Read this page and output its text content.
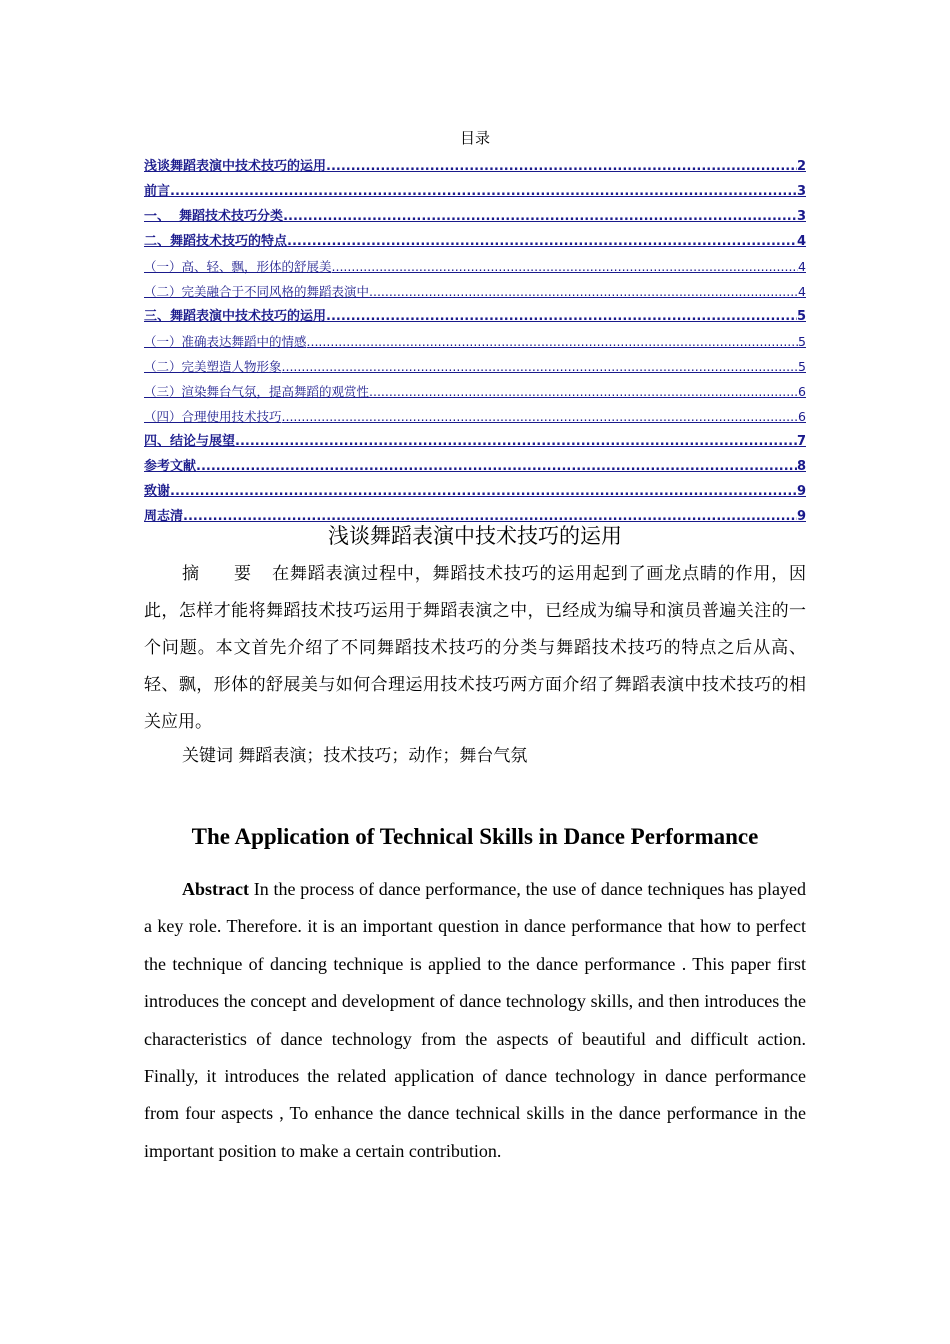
目录
浅谈舞蹈表演中技术技巧的运用 .....	2
前言 .....	3
一、  舞蹈技术技巧分类 .....	3
二、舞蹈技术技巧的特点 .....	4
（一）高、轻、飘，形体的舒展美 .....	4
（二）完美融合于不同风格的舞蹈表演中 .....	4
三、舞蹈表演中技术技巧的运用 .....	5
（一）准确表达舞蹈中的情感 .....	5
（二）完美塑造人物形象 .....	5
（三）渲染舞台气氛，提高舞蹈的观赏性 .....	6
（四）合理使用技术技巧 .....	6
四、结论与展望 .....	7
参考文献 .....	8
致谢 .....	9
周志清 .....	9
浅谈舞蹈表演中技术技巧的运用
摘 要 在舞蹈表演过程中，舞蹈技术技巧的运用起到了画龙点睛的作用，因此，怎样才能将舞蹈技术技巧运用于舞蹈表演之中，已经成为编导和演员普遍关注的一个问题。本文首先介绍了不同舞蹈技术技巧的分类与舞蹈技术技巧的特点之后从高、轻、飘，形体的舒展美与如何合理运用技术技巧两方面介绍了舞蹈表演中技术技巧的相关应用。
关键词 舞蹈表演；技术技巧；动作；舞台气氛
The Application of Technical Skills in Dance Performance
Abstract In the process of dance performance, the use of dance techniques has played a key role. Therefore. it is an important question in dance performance that how to perfect the technique of dancing technique is applied to the dance performance . This paper first introduces the concept and development of dance technology skills, and then introduces the characteristics of dance technology from the aspects of beautiful and difficult action. Finally, it introduces the related application of dance technology in dance performance from four aspects , To enhance the dance technical skills in the dance performance in the important position to make a certain contribution.
